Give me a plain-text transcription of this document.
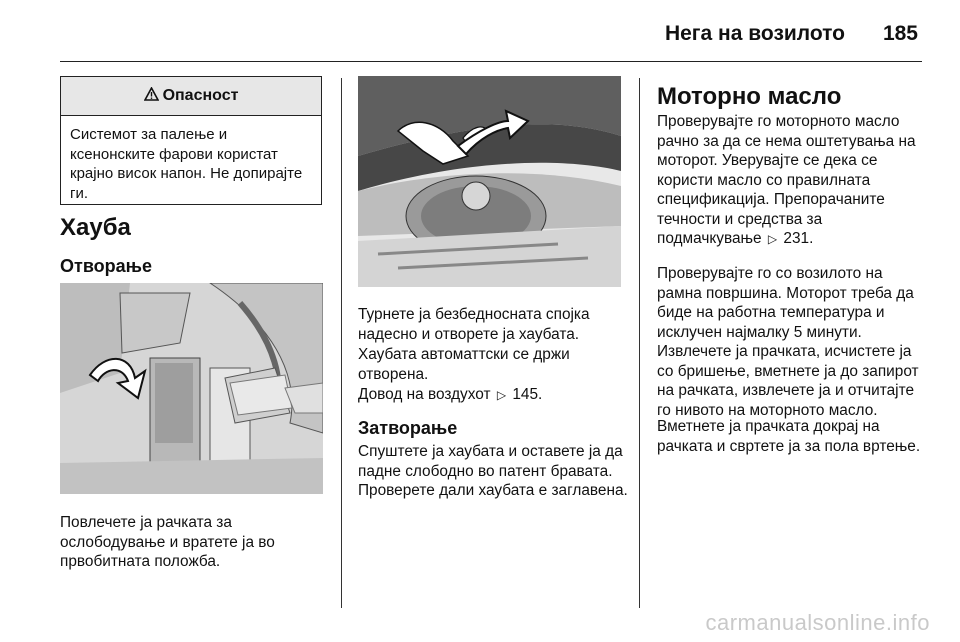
Нега на возилото 185
Опасност
Системот за палење и ксенонските фарови користат крајно висок напон. Не допирајте ги.
Хауба
Отворање

Повлечете ја рачката за ослободување и вратете ја во првобитната положба.

Турнете ја безбедносната спојка надесно и отворете ја хаубата.

Хаубата автоматтски се држи отворена.

Довод на воздухот ▷ 145.

Затворање

Спуштете ја хаубата и оставете ја да падне слободно во патент бравата. Проверете дали хаубата е заглавена.

Моторно масло

Проверувајте го моторното масло рачно за да се нема оштетувања на моторот. Уверувајте се дека се користи масло со правилната спецификација. Препорачаните течности и средства за подмачкување ▷ 231.

Проверувајте го со возилото на рамна површина. Моторот треба да биде на работна температура и исклучен најмалку 5 минути.

Извлечете ја прачката, исчистете ја со бришење, вметнете ја до запирот на рачката, извлечете ја и отчитајте го нивото на моторното масло.

Вметнете ја прачката докрај на рачката и свртете ја за пола вртење.

carmanualsonline.info
